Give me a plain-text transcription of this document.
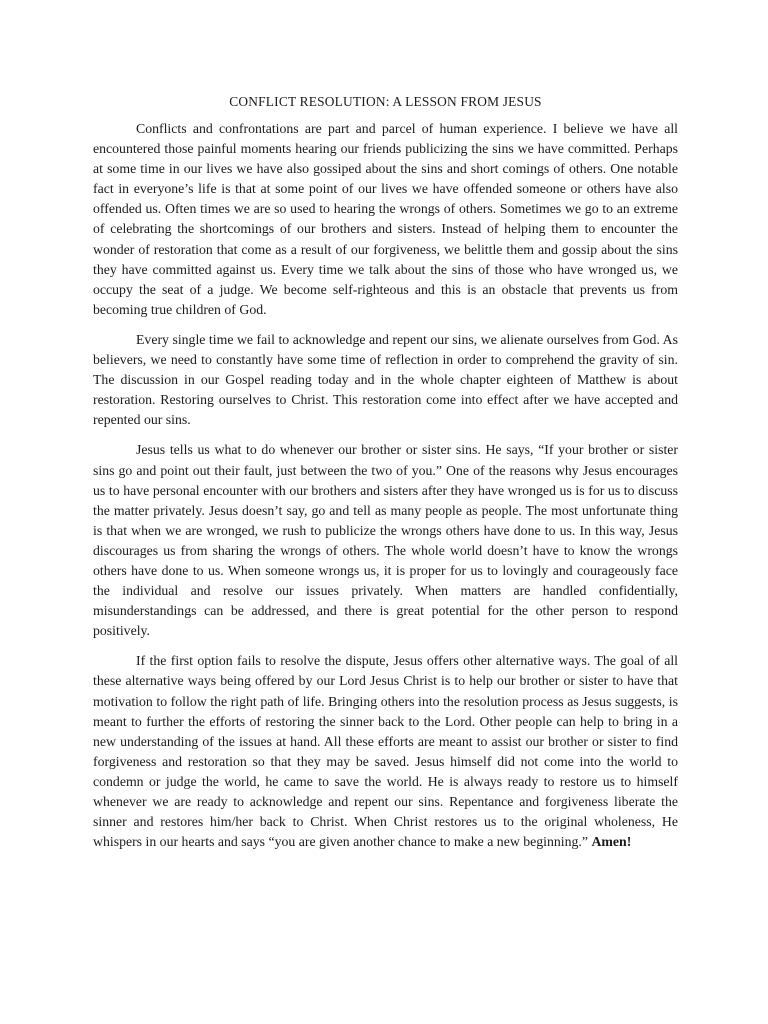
CONFLICT RESOLUTION: A LESSON FROM JESUS

Conflicts and confrontations are part and parcel of human experience. I believe we have all encountered those painful moments hearing our friends publicizing the sins we have committed. Perhaps at some time in our lives we have also gossiped about the sins and short comings of others. One notable fact in everyone’s life is that at some point of our lives we have offended someone or others have also offended us. Often times we are so used to hearing the wrongs of others. Sometimes we go to an extreme of celebrating the shortcomings of our brothers and sisters. Instead of helping them to encounter the wonder of restoration that come as a result of our forgiveness, we belittle them and gossip about the sins they have committed against us. Every time we talk about the sins of those who have wronged us, we occupy the seat of a judge. We become self-righteous and this is an obstacle that prevents us from becoming true children of God.

Every single time we fail to acknowledge and repent our sins, we alienate ourselves from God. As believers, we need to constantly have some time of reflection in order to comprehend the gravity of sin. The discussion in our Gospel reading today and in the whole chapter eighteen of Matthew is about restoration. Restoring ourselves to Christ. This restoration come into effect after we have accepted and repented our sins.

Jesus tells us what to do whenever our brother or sister sins. He says, “If your brother or sister sins go and point out their fault, just between the two of you.” One of the reasons why Jesus encourages us to have personal encounter with our brothers and sisters after they have wronged us is for us to discuss the matter privately. Jesus doesn’t say, go and tell as many people as people. The most unfortunate thing is that when we are wronged, we rush to publicize the wrongs others have done to us. In this way, Jesus discourages us from sharing the wrongs of others. The whole world doesn’t have to know the wrongs others have done to us. When someone wrongs us, it is proper for us to lovingly and courageously face the individual and resolve our issues privately. When matters are handled confidentially, misunderstandings can be addressed, and there is great potential for the other person to respond positively.

If the first option fails to resolve the dispute, Jesus offers other alternative ways. The goal of all these alternative ways being offered by our Lord Jesus Christ is to help our brother or sister to have that motivation to follow the right path of life. Bringing others into the resolution process as Jesus suggests, is meant to further the efforts of restoring the sinner back to the Lord. Other people can help to bring in a new understanding of the issues at hand. All these efforts are meant to assist our brother or sister to find forgiveness and restoration so that they may be saved. Jesus himself did not come into the world to condemn or judge the world, he came to save the world. He is always ready to restore us to himself whenever we are ready to acknowledge and repent our sins. Repentance and forgiveness liberate the sinner and restores him/her back to Christ. When Christ restores us to the original wholeness, He whispers in our hearts and says “you are given another chance to make a new beginning.” Amen!
